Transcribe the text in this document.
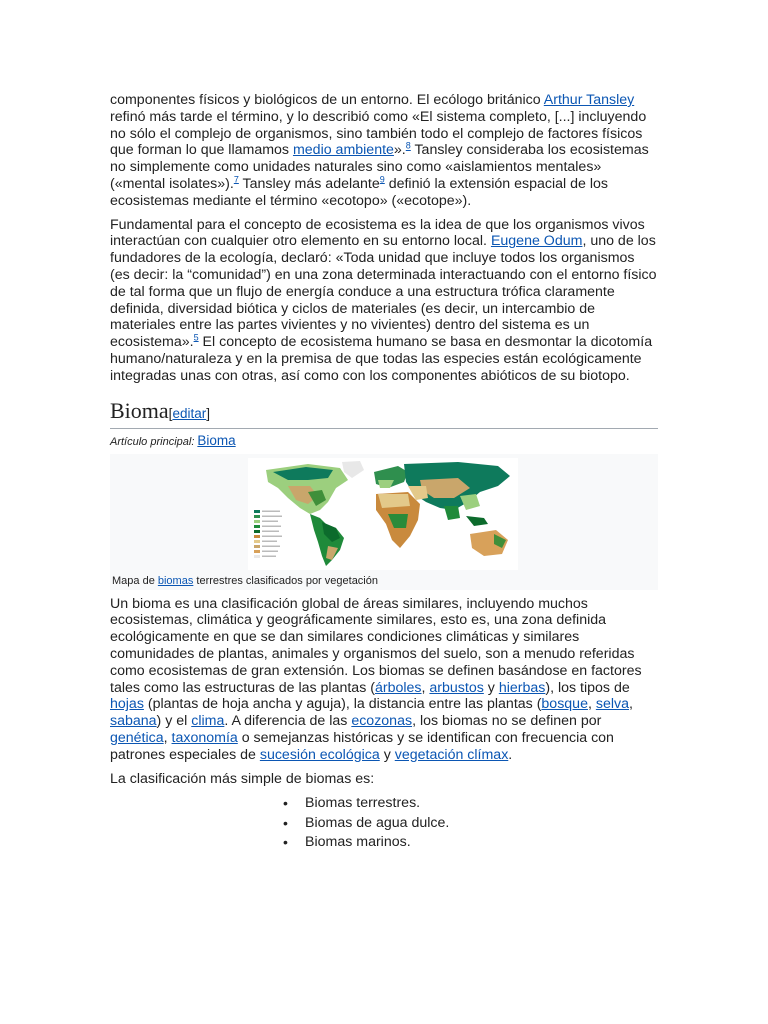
componentes físicos y biológicos de un entorno. El ecólogo británico Arthur Tansley refinó más tarde el término, y lo describió como «El sistema completo, [...] incluyendo no sólo el complejo de organismos, sino también todo el complejo de factores físicos que forman lo que llamamos medio ambiente».$^8$ Tansley consideraba los ecosistemas no simplemente como unidades naturales sino como «aislamientos mentales» («mental isolates»).$^7$ Tansley más adelante$^9$ definió la extensión espacial de los ecosistemas mediante el término «ecotopo» («ecotope»).

Fundamental para el concepto de ecosistema es la idea de que los organismos vivos interactúan con cualquier otro elemento en su entorno local. Eugene Odum, uno de los fundadores de la ecología, declaró: «Toda unidad que incluye todos los organismos (es decir: la “comunidad”) en una zona determinada interactuando con el entorno físico de tal forma que un flujo de energía conduce a una estructura trófica claramente definida, diversidad biótica y ciclos de materiales (es decir, un intercambio de materiales entre las partes vivientes y no vivientes) dentro del sistema es un ecosistema».$^5$ El concepto de ecosistema humano se basa en desmontar la dicotomía humano/naturaleza y en la premisa de que todas las especies están ecológicamente integradas unas con otras, así como con los componentes abióticos de su biotopo.

Bioma[editar]
Artículo principal: Bioma
Mapa de biomas terrestres clasificados por vegetación

Un bioma es una clasificación global de áreas similares, incluyendo muchos ecosistemas, climática y geográficamente similares, esto es, una zona definida ecológicamente en que se dan similares condiciones climáticas y similares comunidades de plantas, animales y organismos del suelo, son a menudo referidas como ecosistemas de gran extensión. Los biomas se definen basándose en factores tales como las estructuras de las plantas (árboles, arbustos y hierbas), los tipos de hojas (plantas de hoja ancha y aguja), la distancia entre las plantas (bosque, selva, sabana) y el clima. A diferencia de las ecozonas, los biomas no se definen por genética, taxonomía o semejanzas históricas y se identifican con frecuencia con patrones especiales de sucesión ecológica y vegetación clímax.

La clasificación más simple de biomas es:

• Biomas terrestres.
• Biomas de agua dulce.
• Biomas marinos.
